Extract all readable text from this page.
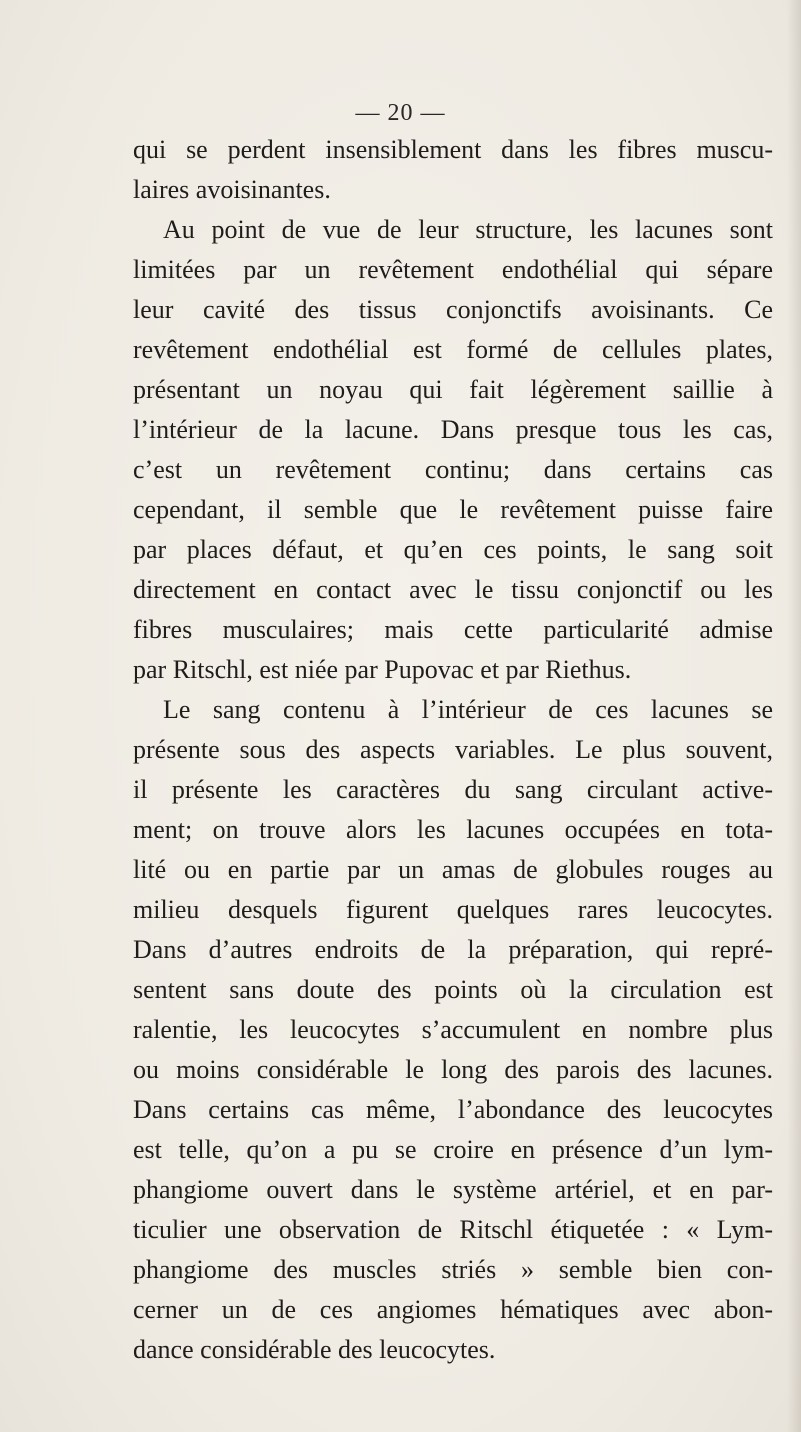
— 20 —
qui se perdent insensiblement dans les fibres muscu-
laires avoisinantes.
Au point de vue de leur structure, les lacunes sont
limitées par un revêtement endothélial qui sépare
leur cavité des tissus conjonctifs avoisinants. Ce
revêtement endothélial est formé de cellules plates,
présentant un noyau qui fait légèrement saillie à
l’intérieur de la lacune. Dans presque tous les cas,
c’est un revêtement continu; dans certains cas
cependant, il semble que le revêtement puisse faire
par places défaut, et qu’en ces points, le sang soit
directement en contact avec le tissu conjonctif ou les
fibres musculaires; mais cette particularité admise
par Ritschl, est niée par Pupovac et par Riethus.
Le sang contenu à l’intérieur de ces lacunes se
présente sous des aspects variables. Le plus souvent,
il présente les caractères du sang circulant active-
ment; on trouve alors les lacunes occupées en tota-
lité ou en partie par un amas de globules rouges au
milieu desquels figurent quelques rares leucocytes.
Dans d’autres endroits de la préparation, qui repré-
sentent sans doute des points où la circulation est
ralentie, les leucocytes s’accumulent en nombre plus
ou moins considérable le long des parois des lacunes.
Dans certains cas même, l’abondance des leucocytes
est telle, qu’on a pu se croire en présence d’un lym-
phangiome ouvert dans le système artériel, et en par-
ticulier une observation de Ritschl étiquetée : « Lym-
phangiome des muscles striés » semble bien con-
cerner un de ces angiomes hématiques avec abon-
dance considérable des leucocytes.
